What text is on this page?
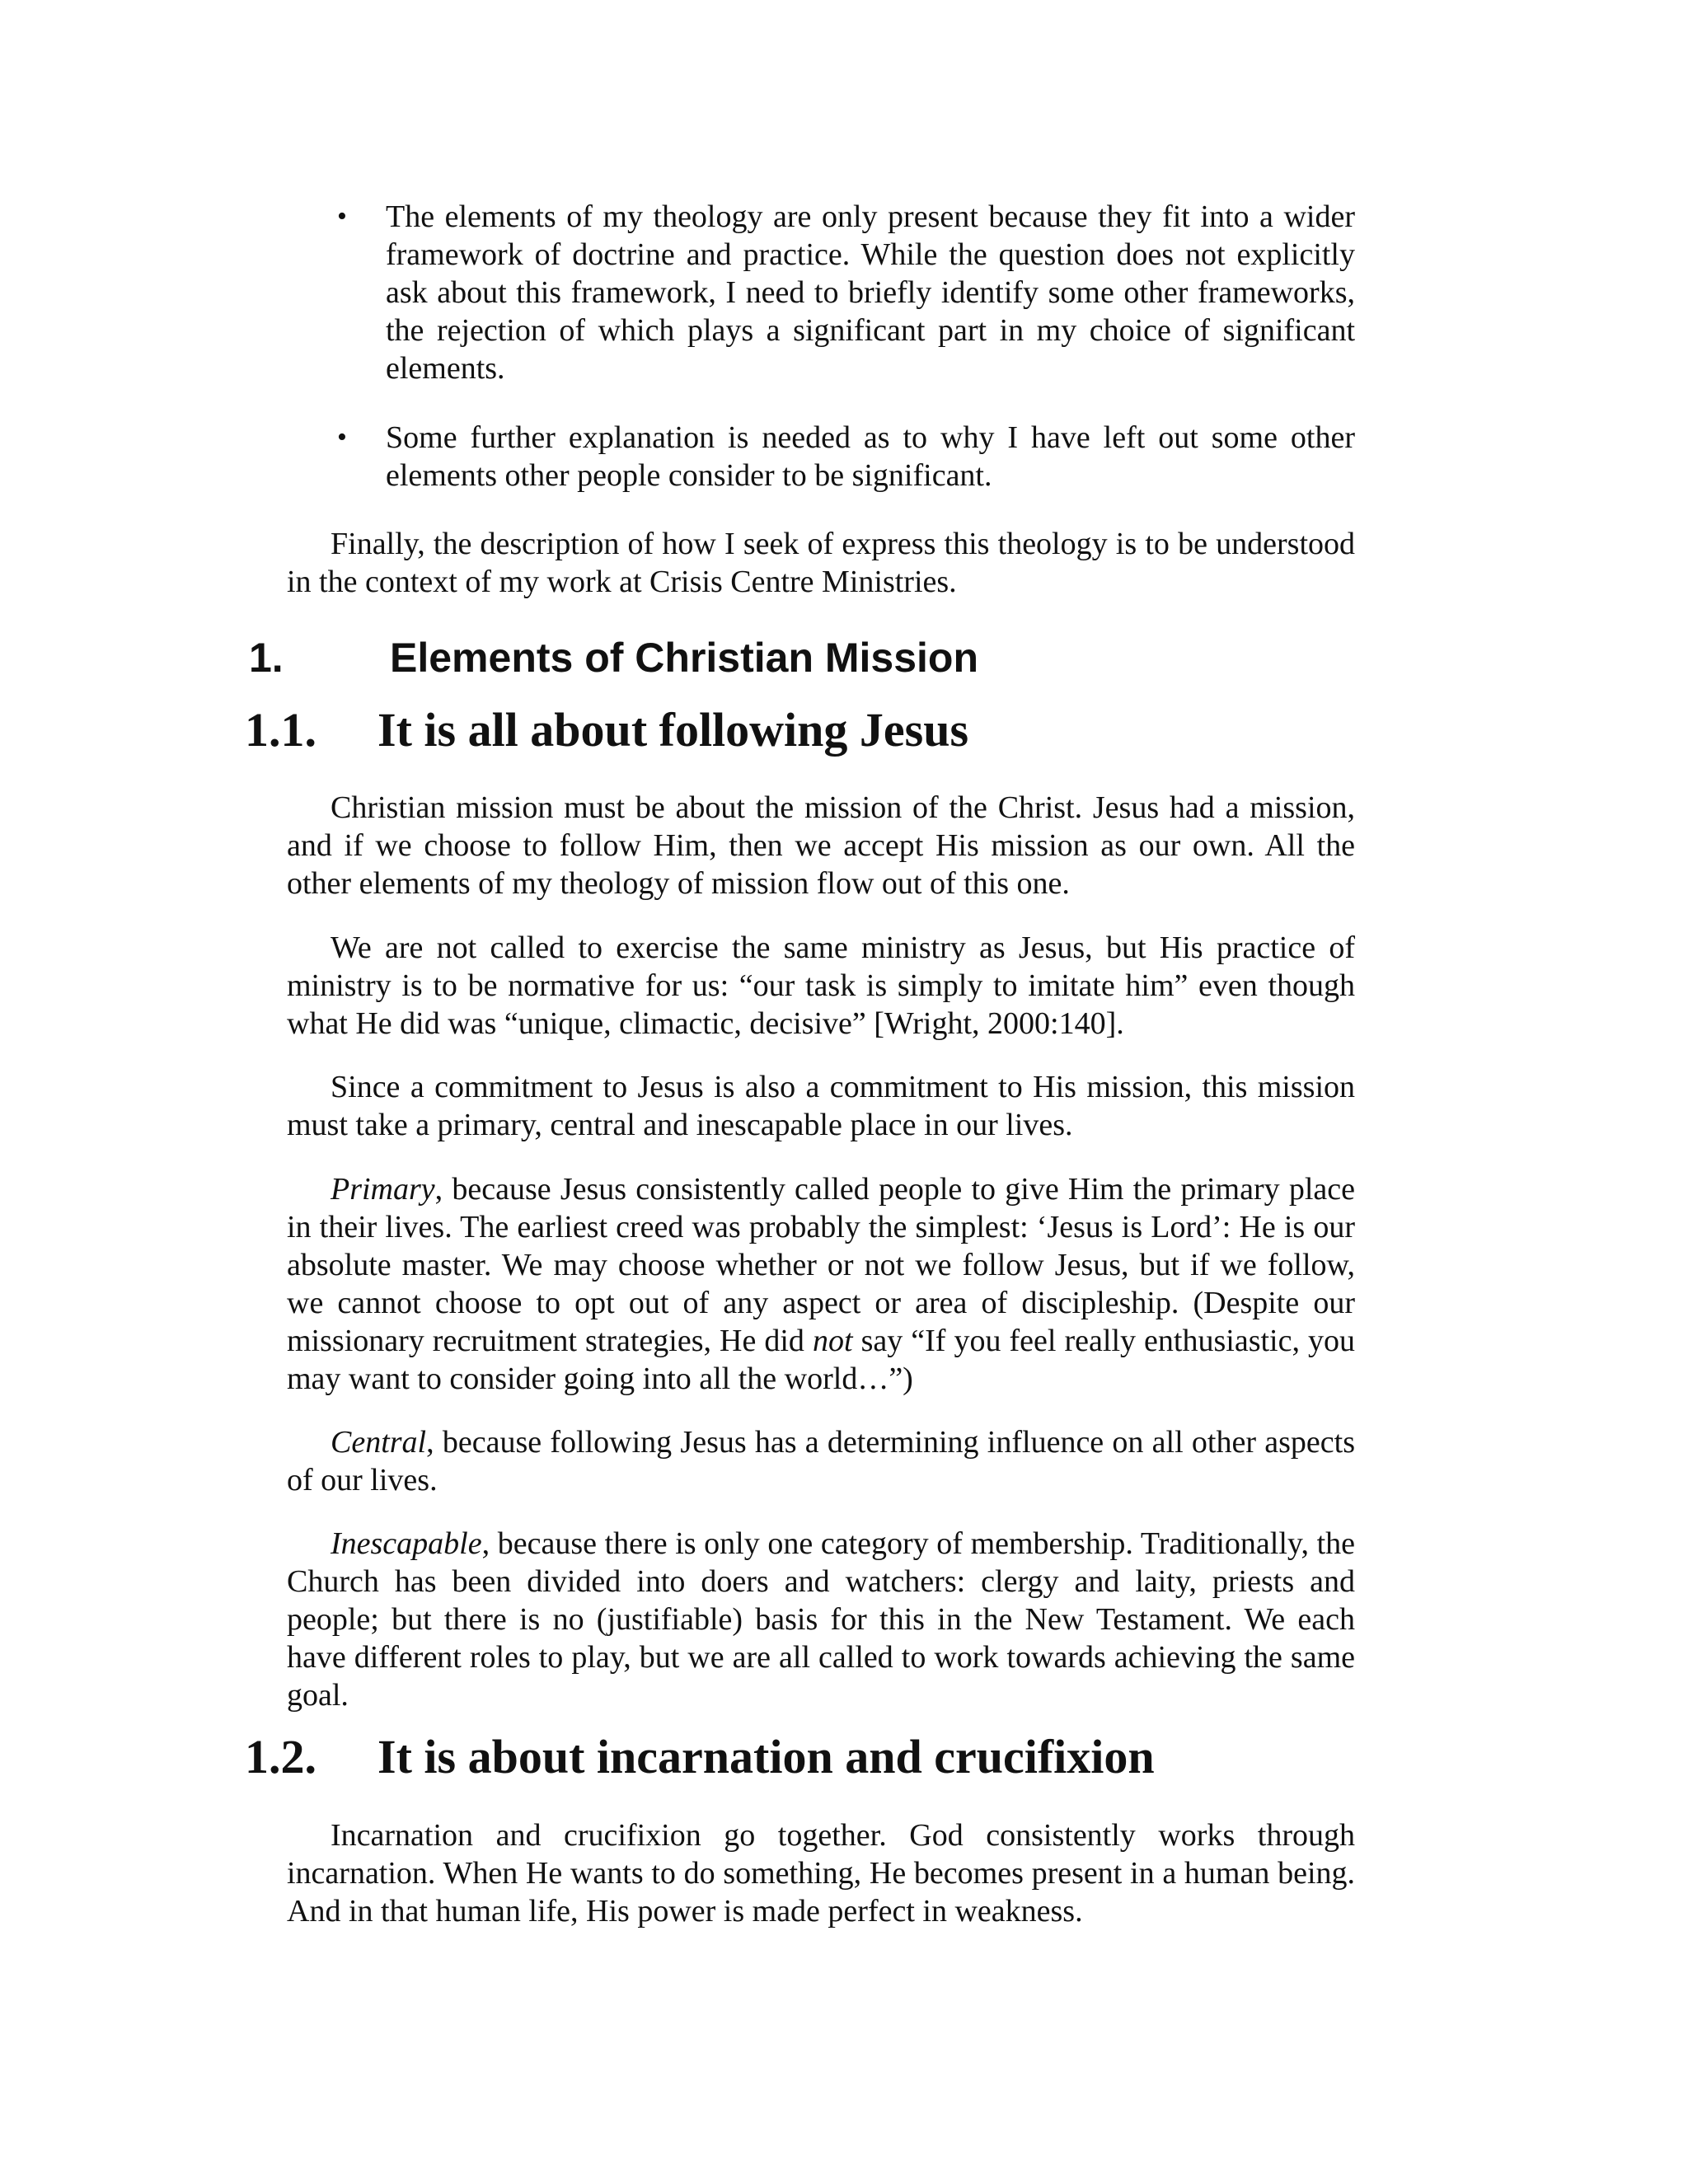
• The elements of my theology are only present because they fit into a wider framework of doctrine and practice. While the question does not explicitly ask about this framework, I need to briefly identify some other frameworks, the rejection of which plays a significant part in my choice of significant elements.
• Some further explanation is needed as to why I have left out some other elements other people consider to be significant.

Finally, the description of how I seek of express this theology is to be understood in the context of my work at Crisis Centre Ministries.

1.	Elements of Christian Mission
1.1. It is all about following Jesus

Christian mission must be about the mission of the Christ. Jesus had a mission, and if we choose to follow Him, then we accept His mission as our own. All the other elements of my theology of mission flow out of this one.

We are not called to exercise the same ministry as Jesus, but His practice of ministry is to be normative for us: “our task is simply to imitate him” even though what He did was “unique, climactic, decisive” [Wright, 2000:140].

Since a commitment to Jesus is also a commitment to His mission, this mission must take a primary, central and inescapable place in our lives.

Primary, because Jesus consistently called people to give Him the primary place in their lives. The earliest creed was probably the simplest: ‘Jesus is Lord’: He is our absolute master. We may choose whether or not we follow Jesus, but if we follow, we cannot choose to opt out of any aspect or area of discipleship. (Despite our missionary recruitment strategies, He did not say “If you feel really enthusiastic, you may want to consider going into all the world…”)

Central, because following Jesus has a determining influence on all other aspects of our lives.

Inescapable, because there is only one category of membership. Traditionally, the Church has been divided into doers and watchers: clergy and laity, priests and people; but there is no (justifiable) basis for this in the New Testament. We each have different roles to play, but we are all called to work towards achieving the same goal.

1.2. It is about incarnation and crucifixion

Incarnation and crucifixion go together. God consistently works through incarnation. When He wants to do something, He becomes present in a human being. And in that human life, His power is made perfect in weakness.
